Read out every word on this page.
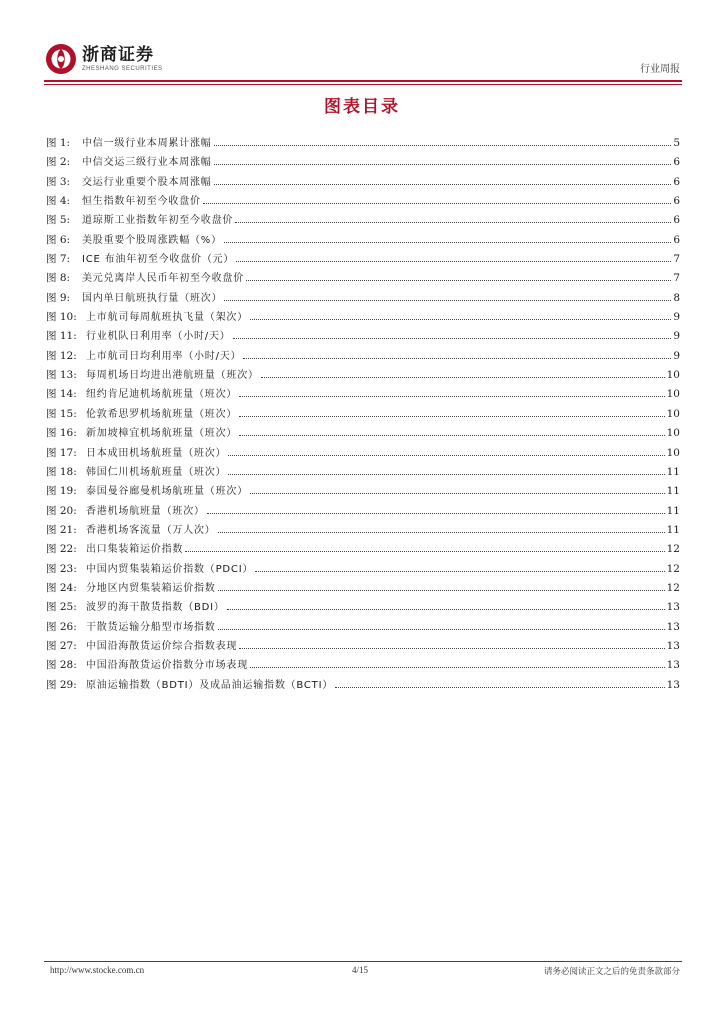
浙商证券
ZHESHANG SECURITIES	行业周报
图表目录
图 1:	中信一级行业本周累计涨幅	5
图 2:	中信交运三级行业本周涨幅	6
图 3:	交运行业重要个股本周涨幅	6
图 4:	恒生指数年初至今收盘价	6
图 5:	道琼斯工业指数年初至今收盘价	6
图 6:	美股重要个股周涨跌幅（%）	6
图 7:	ICE 布油年初至今收盘价（元）	7
图 8:	美元兑离岸人民币年初至今收盘价	7
图 9:	国内单日航班执行量（班次）	8
图 10: 上市航司每周航班执飞量（架次）	9
图 11: 行业机队日利用率（小时/天）	9
图 12: 上市航司日均利用率（小时/天）	9
图 13: 每周机场日均进出港航班量（班次）	10
图 14: 纽约肯尼迪机场航班量（班次）	10
图 15: 伦敦希思罗机场航班量（班次）	10
图 16: 新加坡樟宜机场航班量（班次）	10
图 17: 日本成田机场航班量（班次）	10
图 18: 韩国仁川机场航班量（班次）	11
图 19: 泰国曼谷廊曼机场航班量（班次）	11
图 20: 香港机场航班量（班次）	11
图 21: 香港机场客流量（万人次）	11
图 22: 出口集装箱运价指数	12
图 23: 中国内贸集装箱运价指数（PDCI）	12
图 24: 分地区内贸集装箱运价指数	12
图 25: 波罗的海干散货指数（BDI）	13
图 26: 干散货运输分船型市场指数	13
图 27: 中国沿海散货运价综合指数表现	13
图 28: 中国沿海散货运价指数分市场表现	13
图 29: 原油运输指数（BDTI）及成品油运输指数（BCTI）	13
http://www.stocke.com.cn	4/15	请务必阅读正文之后的免责条款部分
